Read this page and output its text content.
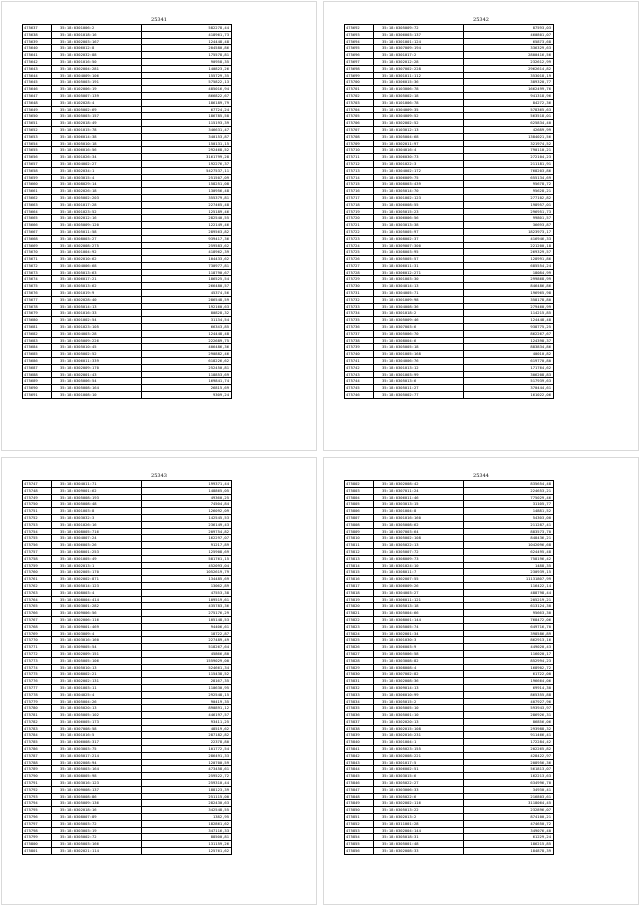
25341
475637	35:18:0301006:2	582278,44
475638	35:18:0301018:16	418961,73
475639	35:18:0302003:167	124448,48
475640	35:18:0306012:8	204580,86
475641	35:18:0302032:88	175578,81
475642	35:18:0301016:50	90958,35
475643	35:18:0302004:281	140823,26
475644	35:18:0304009:106	155729,35
475645	35:18:0305003:191	575822,13
475646	35:18:0102006:19	485016,94
475647	35:18:0305007:139	866822,67
475648	35:18:0102028:4	186189,79
475649	35:18:0305002:69	67724,24
475650	35:18:0305003:157	186785,58
475651	35:18:0302018:49	115193,39
475652	35:18:0301015:78	346631,47
475653	35:18:0306014:38	340153,87
475654	35:18:0305010:18	150131,15
475655	35:18:0306016:56	292468,52
475656	35:18:0301026:34	3161799,28
475657	35:18:0304002:27	192276,37
475658	35:18:0302034:1	5427537,11
475659	35:18:0303015:4	251507,09
475660	35:18:0308029:14	158251,08
475661	35:18:0302026:18	130956,48
475662	35:18:0305002:203	355379,81
475663	35:18:0301017:28	227465,48
475664	35:18:0301023:52	125189,46
475665	35:18:0302012:16	282540,55
475666	35:18:0305009:120	122149,46
475667	35:18:0305011:58	289563,82
475668	35:18:0308003:27	939417,36
475669	35:18:0302008:275	259583,62
475670	35:18:0301004:92	418962,39
475671	35:18:0302010:62	104433,62
475672	35:18:0304006:68	730977,81
475673	35:18:0305013:63	118790,67
475674	35:18:0306017:21	186525,54
475675	35:18:0305013:62	266480,57
475676	35:18:0301019:9	45374,56
475677	35:18:0302028:40	286548,59
475678	35:18:0305014:13	192160,63
475679	35:18:0301016:33	80828,32
475680	35:18:0301002:54	31134,54
475681	35:18:0301023:105	66343,85
475682	35:18:0304003:28	124448,48
475683	35:18:0305009:226	222689,75
475684	35:18:0305010:45	406486,36
475685	35:18:0305002:52	290882,46
475686	35:18:0306011:339	618226,62
475687	35:18:0302009:170	252450,81
475688	35:18:0302001:43	118853,69
475689	35:18:0305006:54	169841,74
475690	35:18:0305008:164	26815,69
475691	35:18:0301008:10	9309,24
25342
475692	35:18:0305009:72	87593,03
475693	35:18:0306003:137	460801,07
475694	35:18:0301001:124	65873,68
475695	35:18:0307009:194	336329,63
475696	35:18:0301017:2	2800416,56
475697	35:18:0302012:28	232612,99
475698	35:18:0307002:228	2962614,82
475699	35:18:0301011:112	353018,19
475700	35:18:0306015:36	389320,77
475701	35:18:0103006:78	1662499,76
475702	35:18:0305002:18	941318,96
475703	35:18:0101006:78	84272,36
475704	35:18:0304009:35	578365,63
475705	35:18:0304009:52	563518,01
475706	35:18:0302002:52	625834,40
475707	35:18:0103012:13	42689,99
475708	35:18:0305004:68	1384021,56
475709	35:18:0302011:97	321974,52
475710	35:18:0304016:4	790110,21
475711	35:18:0306030:73	272104,23
475712	35:18:0301022:3	211181,91
475713	35:18:0304002:172	768203,86
475714	35:18:0306009:75	655134,69
475715	35:18:0308003:439	95678,72
475716	35:18:0305014:70	95628,21
475717	35:18:0301002:123	277102,82
475718	35:18:0306008:55	198957,01
475719	35:18:0305015:23	296951,73
475720	35:18:0306006:56	99801,57
475721	35:18:0303013:38	36693,87
475722	35:18:0305005:97	1823973,17
475723	35:18:0308002:37	416946,33
475724	35:18:0309007:300	221200,18
475725	35:18:0308003:95	269329,57
475726	35:18:0305005:57	128991,86
475727	35:18:0306011:31	685554,24
475728	35:18:0306012:271	18084,99
475729	35:18:0301003:30	299868,99
475730	35:18:0304014:13	846486,86
475731	35:18:0304005:71	196965,98
475732	35:18:0301009:98	358178,80
475733	35:18:0304008:36	279460,99
475734	35:18:0301018:2	114215,85
475735	35:18:0305009:46	124448,48
475736	35:18:0307003:6	938775,25
475737	35:18:0305006:70	862267,67
475738	35:18:0308004:6	124398,37
475739	35:18:0305005:18	883834,86
475740	35:18:0301005:168	40010,82
475741	35:18:0304006:76	619770,80
475742	35:18:0301013:12	171764,62
475743	35:18:0301003:99	306208,83
475744	35:18:0305013:6	517939,63
475745	35:18:0305011:27	370444,61
475746	35:18:0305002:77	161022,06
25343
475747	35:18:0304011:71	199371,44
475748	35:18:0309001:62	148865,05
475749	35:18:0305008:193	49360,25
475750	35:18:0305008:48	74504,84
475751	35:18:0301003:8	126092,09
475752	35:18:0303032:3	142545,53
475753	35:18:0301026:16	236149,43
475754	35:18:0308005:716	209754,82
475755	35:18:0304007:24	162297,07
475756	35:18:0306003:26	91217,89
475757	35:18:0308001:253	125908,69
475758	35:18:0301005:49	581761,15
475759	35:18:0302013:1	452093,04
475760	35:18:0302005:170	1052619,79
475761	35:18:0302002:871	134485,69
475762	35:18:0305014:123	13062,89
475763	35:18:0308003:4	47553,38
475764	35:18:0308004:414	109519,61
475765	35:18:0303001:282	435783,36
475766	35:18:0309006:56	275176,29
475767	35:18:0302006:116	105148,53
475768	35:18:0309001:469	94406,61
475769	35:18:0303009:4	18722,87
475770	35:18:0303016:160	227489,49
475771	35:18:0309005:54	518267,64
475772	35:18:0302009:151	45866,80
475773	35:18:0305005:106	1559029,00
475774	35:18:0305010:13	524661,34
475775	35:18:0308002:21	115438,52
475776	35:18:0302002:131	28167,35
475777	35:18:0301003:11	110630,95
475778	35:18:0304025:4	292548,15
475779	35:18:0305004:26	90419,35
475780	35:18:0305020:13	890891,12
475781	35:18:0305005:102	446197,57
475782	35:18:0306005:173	93411,25
475783	35:18:0307008:58	48519,62
475784	35:18:0301016:5	287182,82
475785	35:18:0306008:317	22378,80
475786	35:18:0303003:75	101772,54
475787	35:18:0305017:214	286491,33
475788	35:18:0302008:94	120700,59
475789	35:18:0305003:164	473458,61
475790	35:18:0308005:98	259522,72
475791	35:18:0303016:123	259310,44
475792	35:18:0309008:137	188123,39
475793	35:18:0305008:86	251115,00
475794	35:18:0305009:136	282430,63
475795	35:18:0302018:16	342548,55
475796	35:18:0308007:89	1382,95
475797	35:18:0305003:72	182861,62
475798	35:18:0303003:19	347116,33
475799	35:18:0305002:72	88500,81
475800	35:18:0305003:166	131159,26
475801	35:18:0302021:114	125761,62
25344
475802	35:18:0302008:42	835654,48
475803	35:18:0307011:24	224653,21
475804	35:18:0306011:46	775029,46
475805	35:18:0303013:15	31105,77
475806	35:18:0301004:8	14881,52
475807	35:18:0301016:160	54303,00
475808	35:18:0305008:62	211287,41
475809	35:18:0307003:64	883573,70
475810	35:18:0305002:108	848436,21
475811	35:18:0305022:13	1042096,68
475812	35:18:0305007:72	624495,48
475813	35:18:0308009:73	758196,42
475814	35:18:0301024:10	1488,35
475815	35:18:0308011:7	230939,15
475816	35:18:0302007:55	11131807,99
475817	35:18:0306009:26	116422,14
475818	35:18:0304003:27	488798,44
475819	35:18:0306011:121	205219,21
475820	35:18:0305013:18	613124,30
475821	35:18:0305004:66	95663,30
475822	35:18:0308001:144	768472,06
475823	35:18:0305005:74	649716,70
475824	35:18:0302001:34	398586,89
475825	35:18:0301030:3	862913,16
475826	35:18:0306003:9	449020,43
475827	35:18:0305006:58	116020,17
475828	35:18:0303008:82	852994,23
475829	35:18:0308008:4	168902,72
475830	35:18:0307002:82	61722,00
475831	35:18:0302008:36	196664,06
475832	35:18:0309014:13	69914,30
475833	35:18:0306010:99	865355,88
475834	35:18:0305015:2	407927,96
475835	35:18:0305005:10	593943,97
475836	35:18:0305001:10	286926,31
475837	35:18:0302020:13	86856,06
475838	35:18:0302015:108	293988,32
475839	35:18:0302016:231	911466,41
475840	35:18:0301004:1	172284,42
475841	35:18:0305023:155	202265,82
475842	35:18:0302008:221	428422,97
475843	35:18:0301017:5	208956,36
475844	35:18:0306002:51	561813,07
475845	35:18:0303015:6	162213,63
475846	35:18:0305022:27	634996,70
475847	35:18:0303006:33	34930,41
475848	35:18:0305022:6	216803,61
475849	35:18:0302002:116	3118064,45
475850	35:18:0305013:22	232896,07
475851	35:18:0302013:2	874100,21
475852	35:18:0311001:28	474650,72
475853	35:18:0302004:144	349076,40
475854	35:18:0305018:31	61229,24
475855	35:18:0305001:48	186215,85
475856	35:18:0302008:33	184878,39
